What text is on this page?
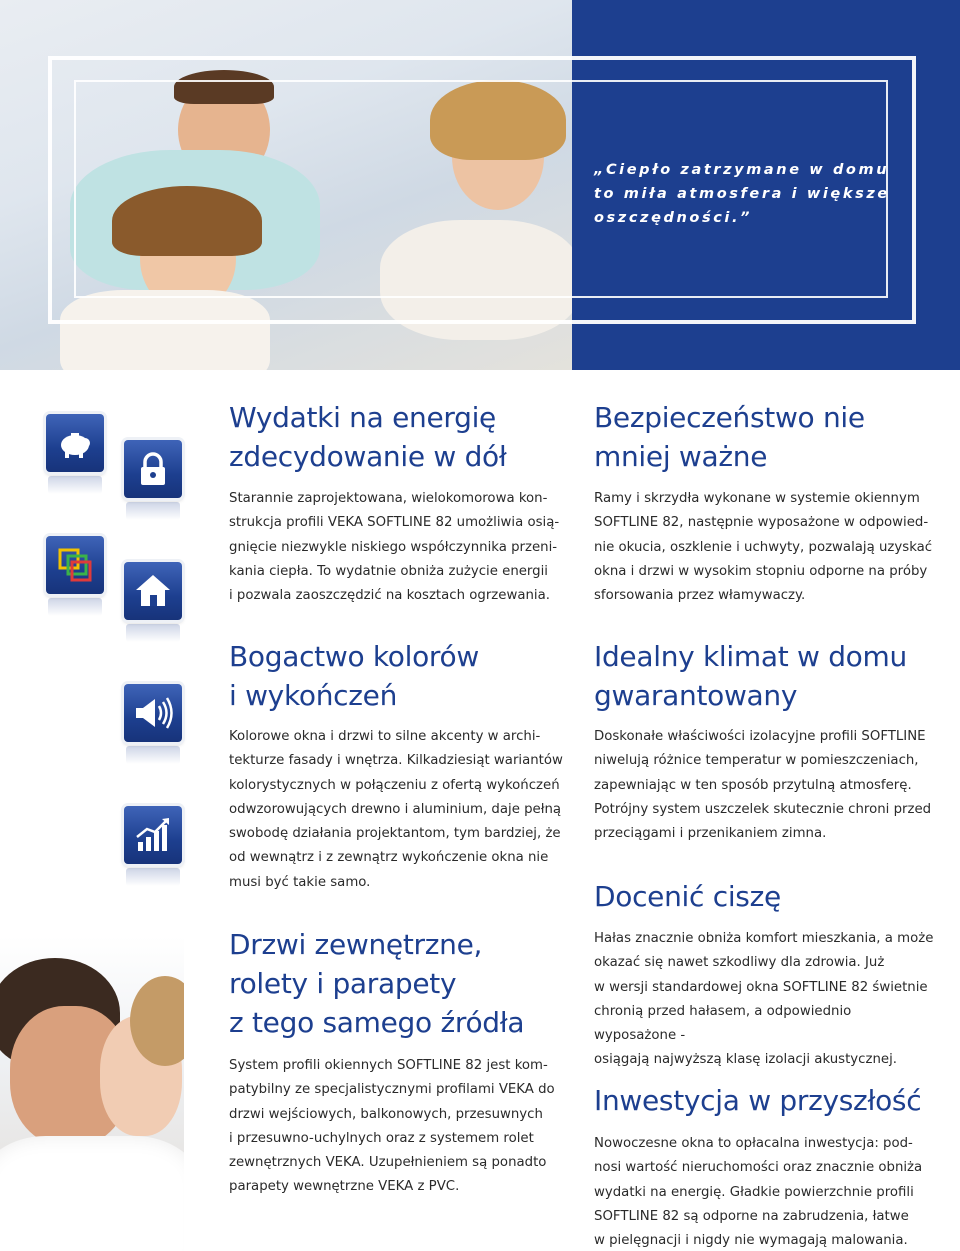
„Ciepło zatrzymane w domu to miła atmosfera i większe oszczędności.”
Wydatki na energię
zdecydowanie w dół
Starannie zaprojektowana, wielokomorowa kon-
strukcja profili VEKA SOFTLINE 82 umożliwia osią-
gnięcie niezwykle niskiego współczynnika przeni-
kania ciepła. To wydatnie obniża zużycie energii
i pozwala zaoszczędzić na kosztach ogrzewania.
Bogactwo kolorów
i wykończeń
Kolorowe okna i drzwi to silne akcenty w archi-
tekturze fasady i wnętrza. Kilkadziesiąt wariantów
kolorystycznych w połączeniu z ofertą wykończeń
odwzorowujących drewno i aluminium, daje pełną
swobodę działania projektantom, tym bardziej, że
od wewnątrz i z zewnątrz wykończenie okna nie
musi być takie samo.
Drzwi zewnętrzne,
rolety i parapety
z tego samego źródła
System profili okiennych SOFTLINE 82 jest kom-
patybilny ze specjalistycznymi profilami VEKA do
drzwi wejściowych, balkonowych, przesuwnych
i przesuwno-uchylnych oraz z systemem rolet
zewnętrznych VEKA. Uzupełnieniem są ponadto
parapety wewnętrzne VEKA z PVC.
Bezpieczeństwo nie
mniej ważne
Ramy i skrzydła wykonane w systemie okiennym
SOFTLINE 82, następnie wyposażone w odpowied-
nie okucia, oszklenie i uchwyty, pozwalają uzyskać
okna i drzwi w wysokim stopniu odporne na próby
sforsowania przez włamywaczy.
Idealny klimat w domu
gwarantowany
Doskonałe właściwości izolacyjne profili SOFTLINE
niwelują różnice temperatur w pomieszczeniach,
zapewniając w ten sposób przytulną atmosferę.
Potrójny system uszczelek skutecznie chroni przed
przeciągami i przenikaniem zimna.
Docenić ciszę
Hałas znacznie obniża komfort mieszkania, a może
okazać się nawet szkodliwy dla zdrowia. Już
w wersji standardowej okna SOFTLINE 82 świetnie
chronią przed hałasem, a odpowiednio wyposażone -
osiągają najwyższą klasę izolacji akustycznej.
Inwestycja w przyszłość
Nowoczesne okna to opłacalna inwestycja: pod-
nosi wartość nieruchomości oraz znacznie obniża
wydatki na energię. Gładkie powierzchnie profili
SOFTLINE 82 są odporne na zabrudzenia, łatwe
w pielęgnacji i nigdy nie wymagają malowania.
